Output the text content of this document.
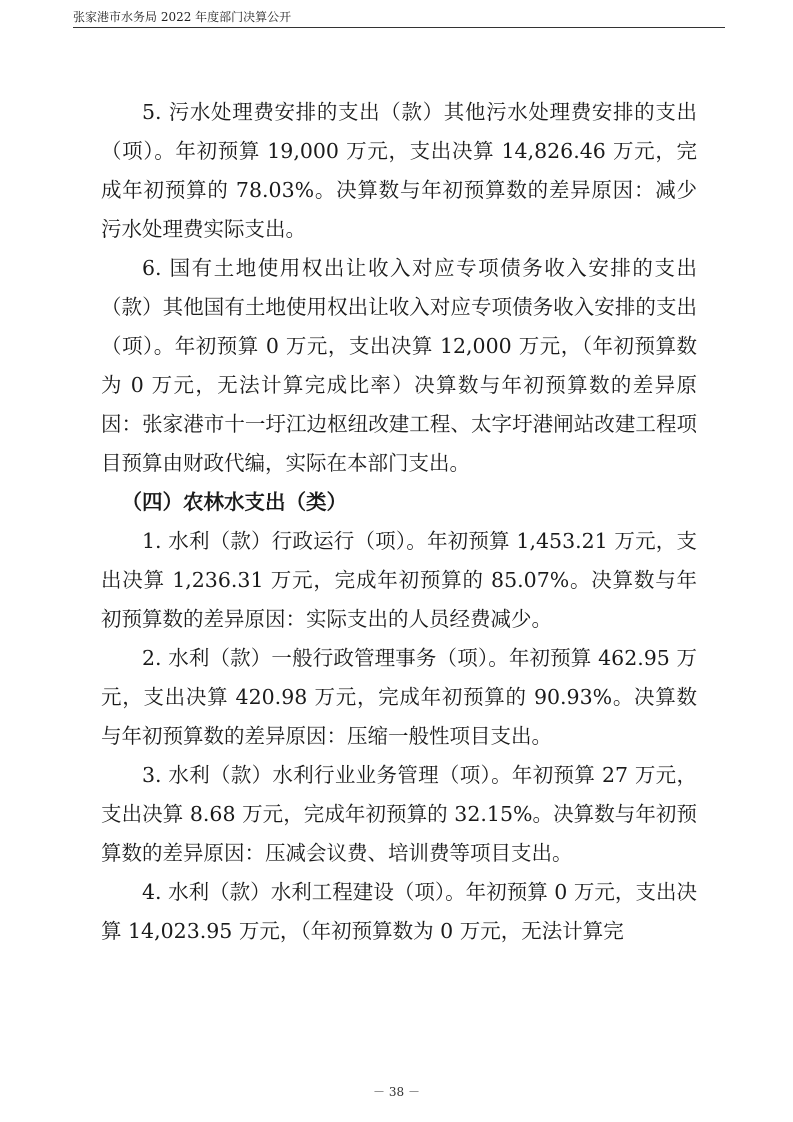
张家港市水务局 2022 年度部门决算公开

5. 污水处理费安排的支出（款）其他污水处理费安排的支出（项）。年初预算 19,000 万元，支出决算 14,826.46 万元，完成年初预算的 78.03%。决算数与年初预算数的差异原因：减少污水处理费实际支出。

6. 国有土地使用权出让收入对应专项债务收入安排的支出（款）其他国有土地使用权出让收入对应专项债务收入安排的支出（项）。年初预算 0 万元，支出决算 12,000 万元，（年初预算数为 0 万元，无法计算完成比率）决算数与年初预算数的差异原因：张家港市十一圩江边枢纽改建工程、太字圩港闸站改建工程项目预算由财政代编，实际在本部门支出。

（四）农林水支出（类）

1. 水利（款）行政运行（项）。年初预算 1,453.21 万元，支出决算 1,236.31 万元，完成年初预算的 85.07%。决算数与年初预算数的差异原因：实际支出的人员经费减少。

2. 水利（款）一般行政管理事务（项）。年初预算 462.95 万元，支出决算 420.98 万元，完成年初预算的 90.93%。决算数与年初预算数的差异原因：压缩一般性项目支出。

3. 水利（款）水利行业业务管理（项）。年初预算 27 万元，支出决算 8.68 万元，完成年初预算的 32.15%。决算数与年初预算数的差异原因：压减会议费、培训费等项目支出。

4. 水利（款）水利工程建设（项）。年初预算 0 万元，支出决算 14,023.95 万元，（年初预算数为 0 万元，无法计算完

－ 38 －
